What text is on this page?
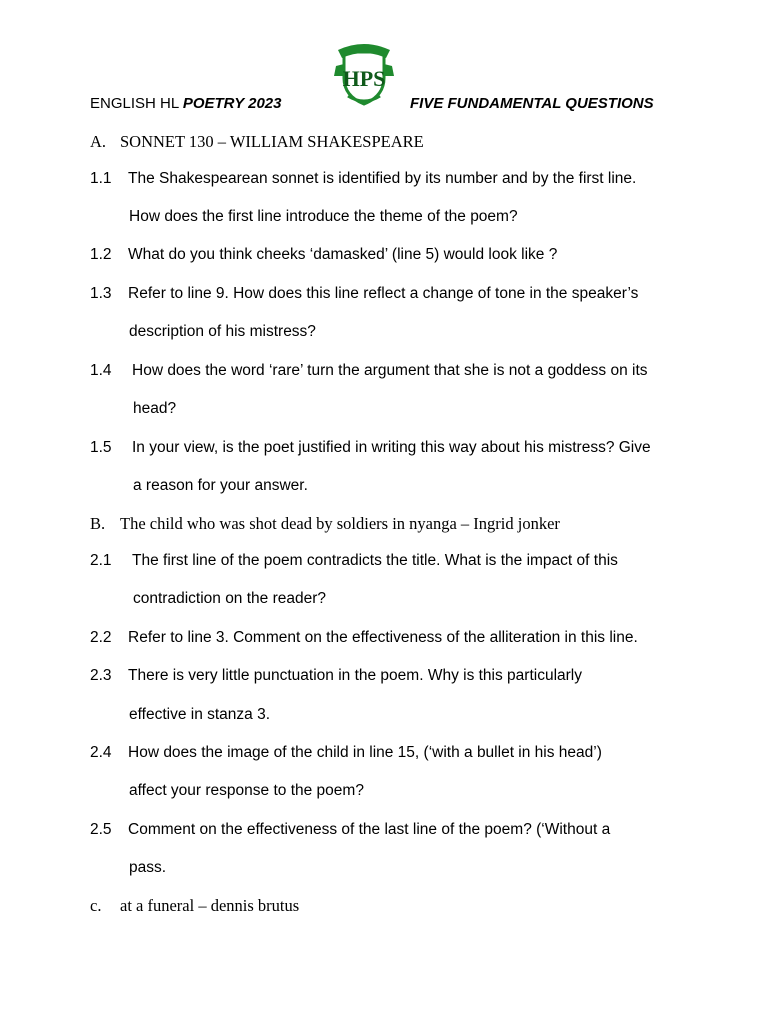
HPS
ENGLISH HL POETRY 2023	FIVE FUNDAMENTAL QUESTIONS
A. SONNET 130 – WILLIAM SHAKESPEARE
1.1 The Shakespearean sonnet is identified by its number and by the first line.
How does the first line introduce the theme of the poem?
1.2 What do you think cheeks ‘damasked’ (line 5) would look like ?
1.3 Refer to line 9. How does this line reflect a change of tone in the speaker’s
description of his mistress?
1.4 How does the word ‘rare’ turn the argument that she is not a goddess on its
head?
1.5 In your view, is the poet justified in writing this way about his mistress? Give
a reason for your answer.
B. The child who was shot dead by soldiers in nyanga – Ingrid jonker
2.1 The first line of the poem contradicts the title. What is the impact of this
contradiction on the reader?
2.2 Refer to line 3. Comment on the effectiveness of the alliteration in this line.
2.3 There is very little punctuation in the poem. Why is this particularly
effective in stanza 3.
2.4 How does the image of the child in line 15, (‘with a bullet in his head’)
affect your response to the poem?
2.5 Comment on the effectiveness of the last line of the poem? (‘Without a
pass.
c. at a funeral – dennis brutus
